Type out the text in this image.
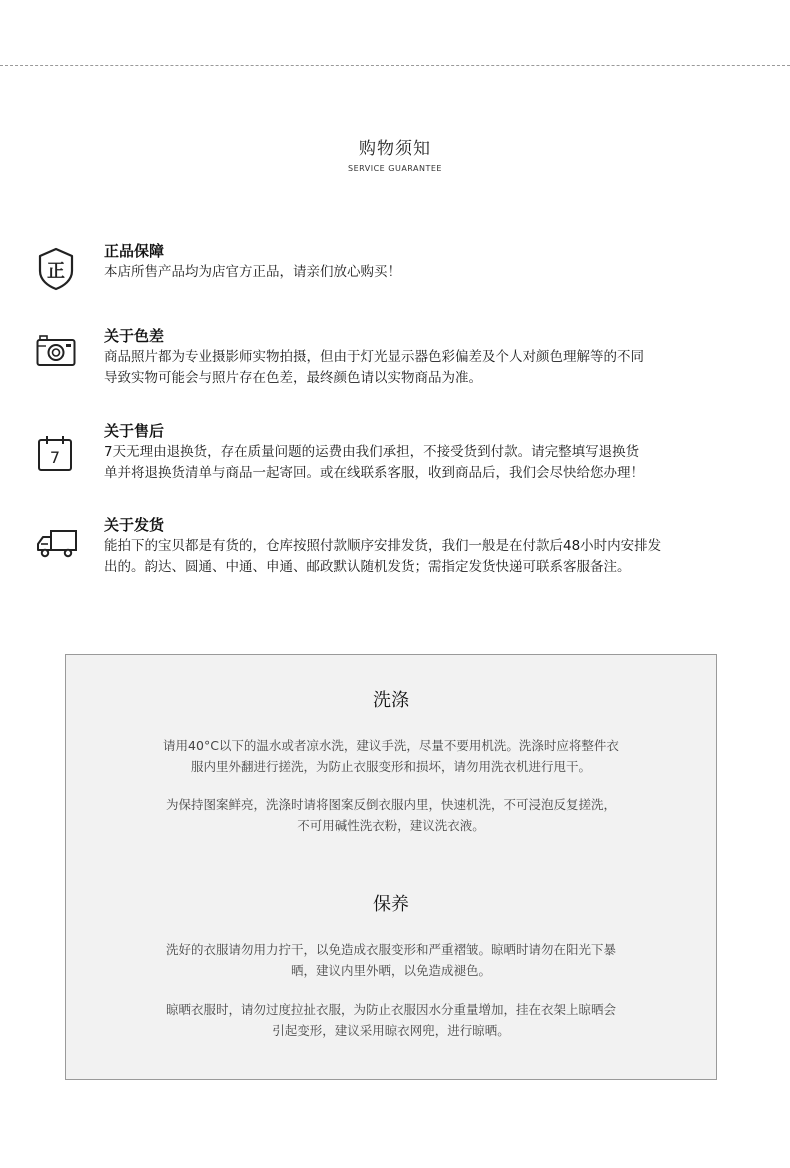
购物须知
SERVICE GUARANTEE
正
正品保障
本店所售产品均为店官方正品，请亲们放心购买！
关于色差
商品照片都为专业摄影师实物拍摄，但由于灯光显示器色彩偏差及个人对颜色理解等的不同
导致实物可能会与照片存在色差，最终颜色请以实物商品为准。
7
关于售后
7天无理由退换货，存在质量问题的运费由我们承担，不接受货到付款。请完整填写退换货
单并将退换货清单与商品一起寄回。或在线联系客服，收到商品后，我们会尽快给您办理！
关于发货
能拍下的宝贝都是有货的，仓库按照付款顺序安排发货，我们一般是在付款后48小时内安排发
出的。韵达、圆通、中通、申通、邮政默认随机发货；需指定发货快递可联系客服备注。
洗涤
请用40°C以下的温水或者凉水洗，建议手洗，尽量不要用机洗。洗涤时应将整件衣
服内里外翻进行搓洗，为防止衣服变形和损坏，请勿用洗衣机进行甩干。
为保持图案鲜亮，洗涤时请将图案反倒衣服内里，快速机洗，不可浸泡反复搓洗，
不可用碱性洗衣粉，建议洗衣液。
保养
洗好的衣服请勿用力拧干，以免造成衣服变形和严重褶皱。晾晒时请勿在阳光下暴
晒，建议内里外晒，以免造成褪色。
晾晒衣服时，请勿过度拉扯衣服，为防止衣服因水分重量增加，挂在衣架上晾晒会
引起变形，建议采用晾衣网兜，进行晾晒。
